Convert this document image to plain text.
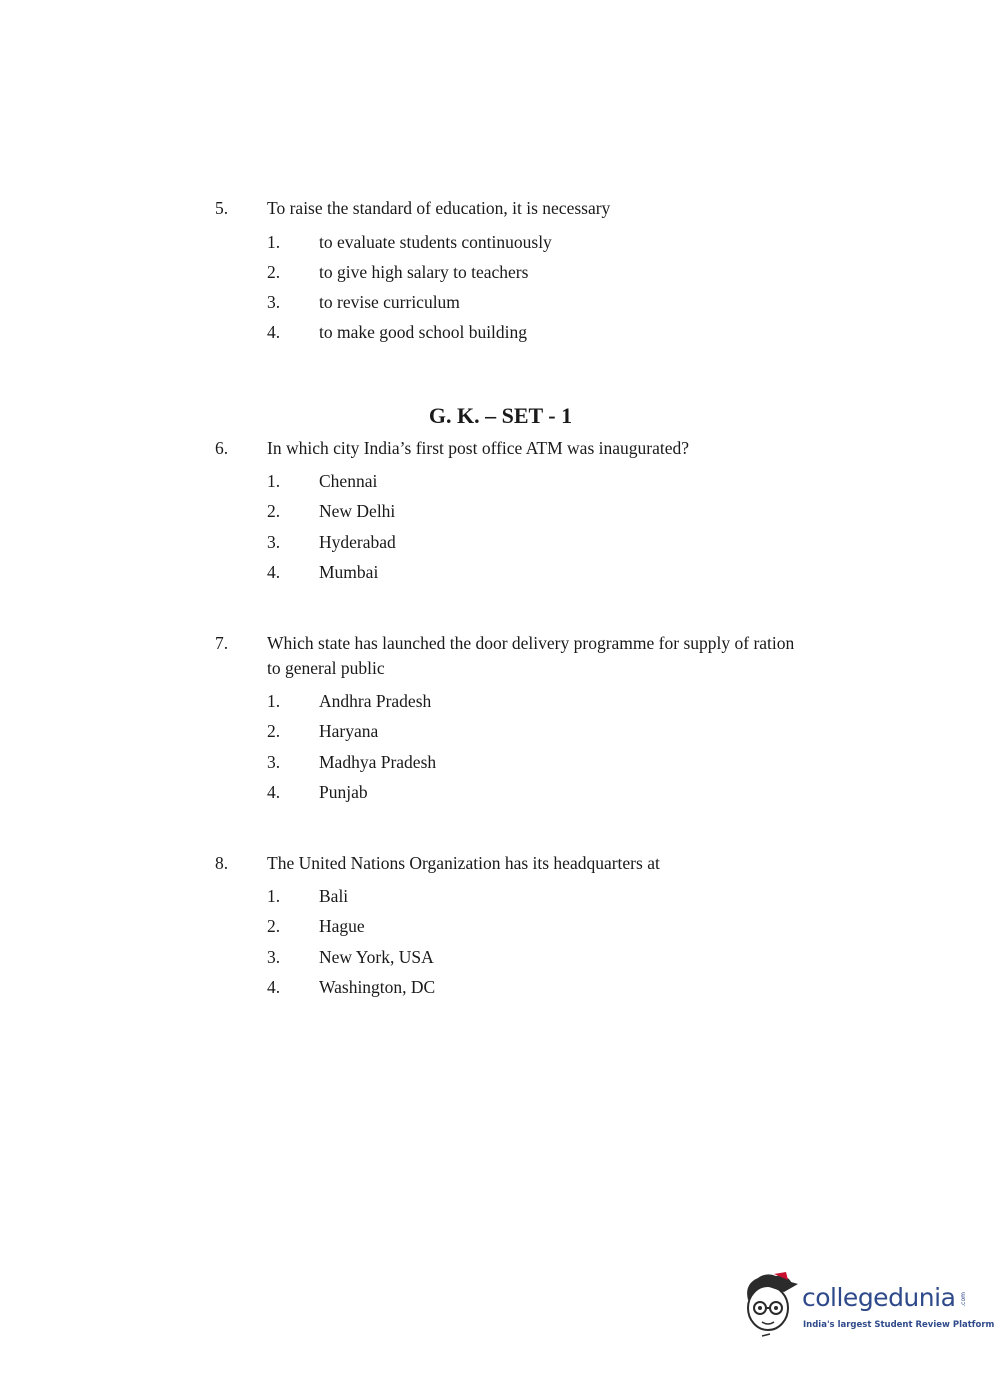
5. To raise the standard of education, it is necessary
1. to evaluate students continuously
2. to give high salary to teachers
3. to revise curriculum
4. to make good school building
G. K. – SET - 1
6. In which city India’s first post office ATM was inaugurated?
1. Chennai
2. New Delhi
3. Hyderabad
4. Mumbai
7. Which state has launched the door delivery programme for supply of ration to general public
1. Andhra Pradesh
2. Haryana
3. Madhya Pradesh
4. Punjab
8. The United Nations Organization has its headquarters at
1. Bali
2. Hague
3. New York, USA
4. Washington, DC
collegedunia .com
India's largest Student Review Platform
